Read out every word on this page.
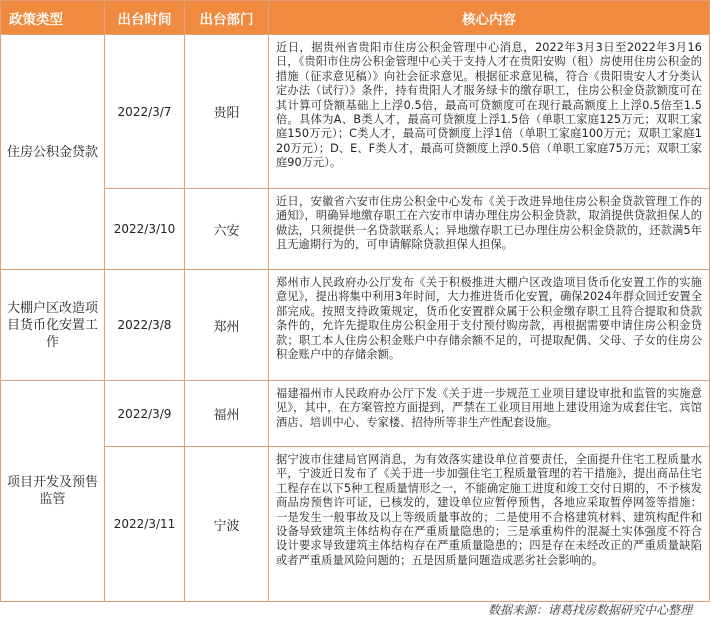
政策类型	出台时间	出台部门	核心内容
住房公积金贷款	2022/3/7	贵阳	近日，据贵州省贵阳市住房公积金管理中心消息，2022年3月3日至2022年3月16日，《贵阳市住房公积金管理中心关于支持人才在贵阳安购（租）房使用住房公积金的措施（征求意见稿）》向社会征求意见。根据征求意见稿，符合《贵阳贵安人才分类认定办法（试行）》条件，持有贵阳人才服务绿卡的缴存职工，住房公积金贷款额度可在其计算可贷额基础上上浮0.5倍，最高可贷额度可在现行最高额度上上浮0.5倍至1.5倍。具体为A、B类人才，最高可贷额度上浮1.5倍（单职工家庭125万元；双职工家庭150万元）；C类人才，最高可贷额度上浮1倍（单职工家庭100万元；双职工家庭120万元）；D、E、F类人才，最高可贷额度上浮0.5倍（单职工家庭75万元；双职工家庭90万元）。
	2022/3/10	六安	近日，安徽省六安市住房公积金中心发布《关于改进异地住房公积金贷款管理工作的通知》，明确异地缴存职工在六安市申请办理住房公积金贷款，取消提供贷款担保人的做法，只须提供一名贷款联系人；异地缴存职工已办理住房公积金贷款的，还款满5年且无逾期行为的，可申请解除贷款担保人担保。
大棚户区改造项目货币化安置工作	2022/3/8	郑州	郑州市人民政府办公厅发布《关于积极推进大棚户区改造项目货币化安置工作的实施意见》，提出将集中利用3年时间，大力推进货币化安置，确保2024年群众回迁安置全部完成。按照支持政策规定，货币化安置群众属于公积金缴存职工且符合提取和贷款条件的，允许先提取住房公积金用于支付预付购房款，再根据需要申请住房公积金贷款；职工本人住房公积金账户中存储余额不足的，可提取配偶、父母、子女的住房公积金账户中的存储余额。
项目开发及预售监管	2022/3/9	福州	福建福州市人民政府办公厅下发《关于进一步规范工业项目建设审批和监管的实施意见》，其中，在方案管控方面提到，严禁在工业项目用地上建设用途为成套住宅、宾馆酒店、培训中心、专家楼、招待所等非生产性配套设施。
	2022/3/11	宁波	据宁波市住建局官网消息，为有效落实建设单位首要责任，全面提升住宅工程质量水平，宁波近日发布了《关于进一步加强住宅工程质量管理的若干措施》，提出商品住宅工程存在以下5种工程质量情形之一，不能确定施工进度和竣工交付日期的，不予核发商品房预售许可证，已核发的，建设单位应暂停预售，各地应采取暂停网签等措施：一是发生一般事故及以上等级质量事故的；二是使用不合格建筑材料、建筑构配件和设备导致建筑主体结构存在严重质量隐患的；三是承重构件的混凝土实体强度不符合设计要求导致建筑主体结构存在严重质量隐患的；四是存在未经改正的严重质量缺陷或者严重质量风险问题的；五是因质量问题造成恶劣社会影响的。
数据来源：诸葛找房数据研究中心整理
